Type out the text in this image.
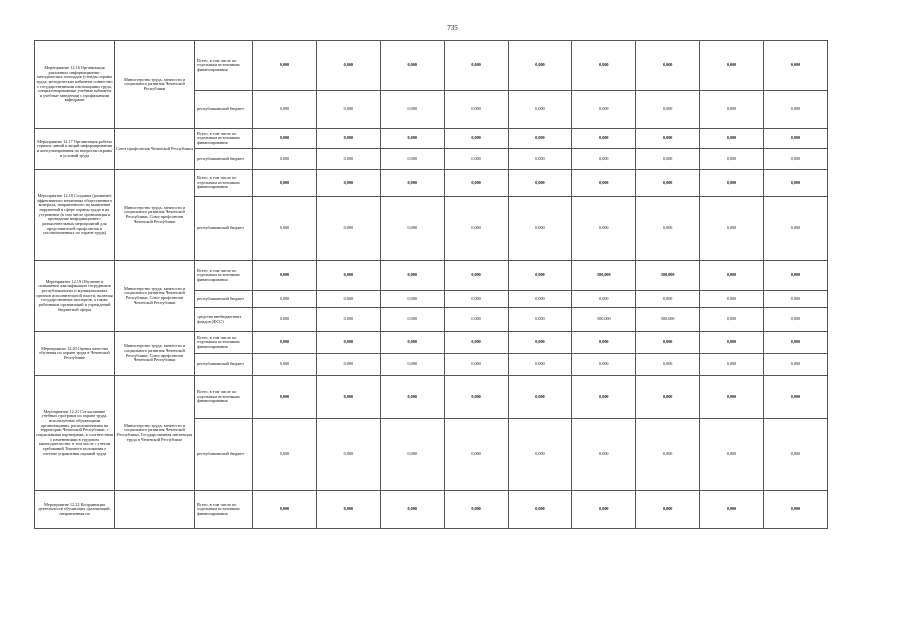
735
Мероприятие 12.16 Организация различных информационно-методических площадок (стенды охраны труда, методические кабинеты совместно с государственными инспекциями труда, специализированные учебные кабинеты и учебные заведения) с профильными кафедрами	Министерство труда, занятости и социального развития Чеченской Республики	Всего, в том числе по отдельным источникам финансирования	0,000	0,000	0,000	0,000	0,000	0,000	0,000	0,000	0,000
		республиканский бюджет	0,000	0,000	0,000	0,000	0,000	0,000	0,000	0,000	0,000
Мероприятие 12.17 Организация работы горячих линий и акций информирования и консультирования по вопросам охраны и условий труда	Союз профсоюзов Чеченской Республики	Всего, в том числе по отдельным источникам финансирования	0,000	0,000	0,000	0,000	0,000	0,000	0,000	0,000	0,000
		республиканский бюджет	0,000	0,000	0,000	0,000	0,000	0,000	0,000	0,000	0,000
Мероприятие 12.18 Создание (развитие) эффективного механизма общественного контроля, направленного на выявление нарушений в сфере охраны труда и их устранение (в том числе организация и проведение информационно-разъяснительных мероприятий для представителей профсоюзов и уполномоченных по охране труда)	Министерство труда, занятости и социального развития Чеченской Республики, Союз профсоюзов Чеченской Республики	Всего, в том числе по отдельным источникам финансирования	0,000	0,000	0,000	0,000	0,000	0,000	0,000	0,000	0,000
		республиканский бюджет	0,000	0,000	0,000	0,000	0,000	0,000	0,000	0,000	0,000
Мероприятие 12.19 Обучение и повышение квалификации сотрудников республиканских и муниципальных органов исполнительной власти, включая государственных экспертов, а также работников организаций и учреждений бюджетной сферы	Министерство труда, занятости и социального развития Чеченской Республики, Союз профсоюзов Чеченской Республики	Всего, в том числе по отдельным источникам финансирования	0,000	0,000	0,000	0,000	0,000	500,000	500,000	0,000	0,000
		республиканский бюджет	0,000	0,000	0,000	0,000	0,000	0,000	0,000	0,000	0,000
		средства внебюджетных фондов (ФСС)	0,000	0,000	0,000	0,000	0,000	500,000	500,000	0,000	0,000
Мероприятие 12.20 Оценка качества обучения по охране труда в Чеченской Республике	Министерство труда, занятости и социального развития Чеченской Республики, Союз профсоюзов Чеченской Республики	Всего, в том числе по отдельным источникам финансирования	0,000	0,000	0,000	0,000	0,000	0,000	0,000	0,000	0,000
		республиканский бюджет	0,000	0,000	0,000	0,000	0,000	0,000	0,000	0,000	0,000
Мероприятие 12.21 Согласование учебных программ по охране труда, используемых обучающими организациями, расположенными на территории Чеченской Республики, с социальными партнерами, в соответствии с изменениями в трудовом законодательстве, в том числе с учетом требований Типового положения о системе управления охраной труда	Министерство труда, занятости и социального развития Чеченской Республики, Государственная инспекция труда в Чеченской Республике	Всего, в том числе по отдельным источникам финансирования	0,000	0,000	0,000	0,000	0,000	0,000	0,000	0,000	0,000
		республиканский бюджет	0,000	0,000	0,000	0,000	0,000	0,000	0,000	0,000	0,000
Мероприятие 12.22 Координация деятельности обучающих организаций, направленная на		Всего, в том числе по отдельным источникам финансирования	0,000	0,000	0,000	0,000	0,000	0,000	0,000	0,000	0,000
